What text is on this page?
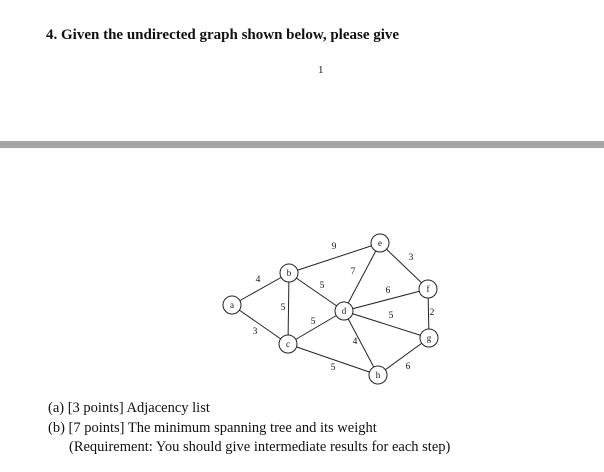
4. Given the undirected graph shown below, please give
1
4
3
5
9
5
5
5
7
6
5
4
3
2
6
a
b
c
d
e
f
g
h
(a) [3 points] Adjacency list
(b) [7 points] The minimum spanning tree and its weight
(Requirement: You should give intermediate results for each step)
